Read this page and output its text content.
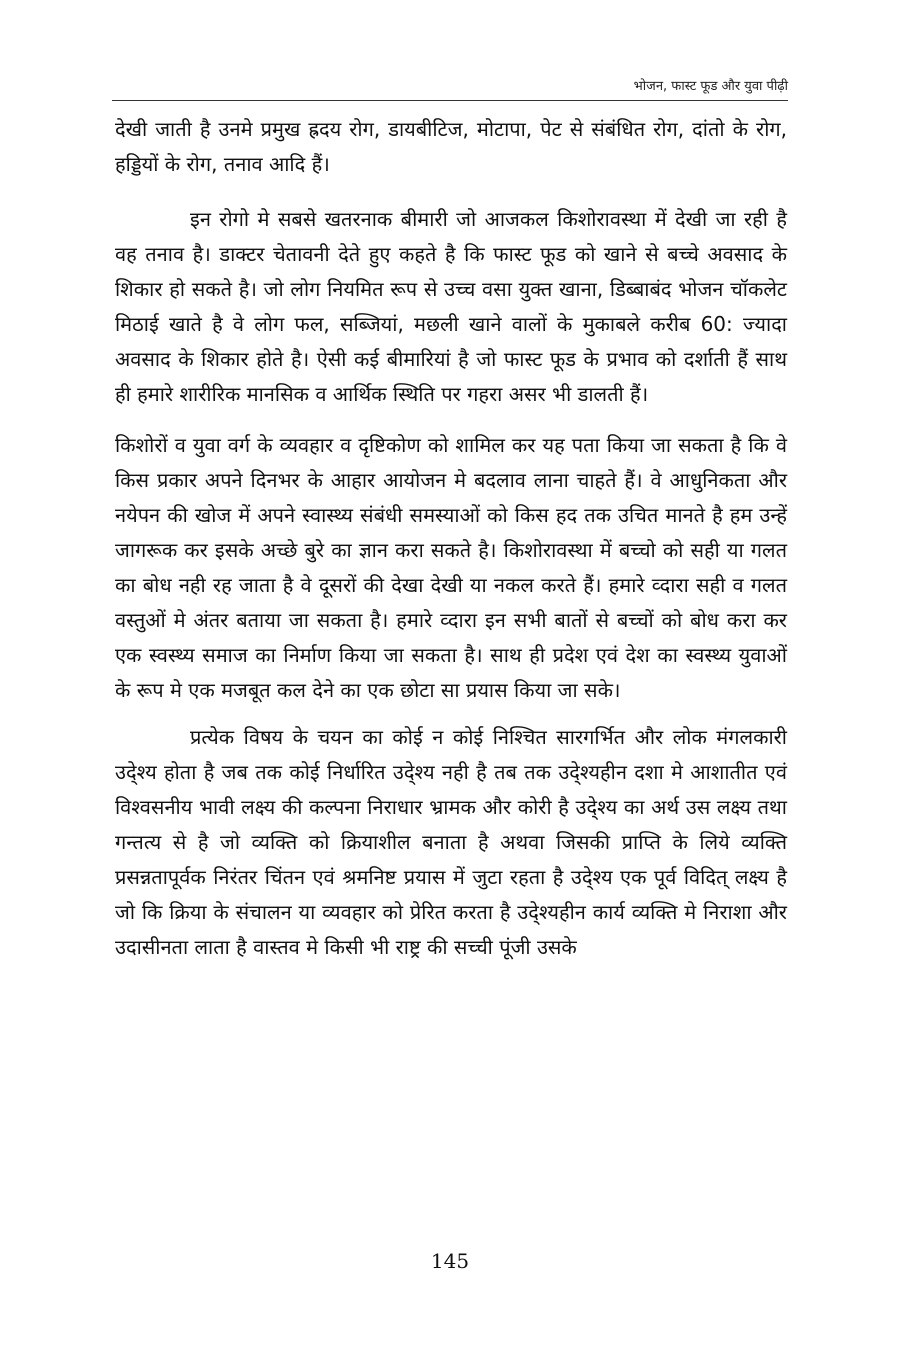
भोजन, फास्ट फूड और युवा पीढ़ी

देखी जाती है उनमे प्रमुख ह्रदय रोग, डायबीटिज, मोटापा, पेट से संबंधित रोग, दांतो के रोग, हड्डियों के रोग, तनाव आदि हैं।

इन रोगो मे सबसे खतरनाक बीमारी जो आजकल किशोरावस्था में देखी जा रही है वह तनाव है। डाक्टर चेतावनी देते हुए कहते है कि फास्ट फूड को खाने से बच्चे अवसाद के शिकार हो सकते है। जो लोग नियमित रूप से उच्च वसा युक्त खाना, डिब्बाबंद भोजन चॉकलेट मिठाई खाते है वे लोग फल, सब्जियां, मछली खाने वालों के मुकाबले करीब 60: ज्यादा अवसाद के शिकार होते है। ऐसी कई बीमारियां है जो फास्ट फूड के प्रभाव को दर्शाती हैं साथ ही हमारे शारीरिक मानसिक व आर्थिक स्थिति पर गहरा असर भी डालती हैं।

किशोरों व युवा वर्ग के व्यवहार व दृष्टिकोण को शामिल कर यह पता किया जा सकता है कि वे किस प्रकार अपने दिनभर के आहार आयोजन मे बदलाव लाना चाहते हैं। वे आधुनिकता और नयेपन की खोज में अपने स्वास्थ्य संबंधी समस्याओं को किस हद तक उचित मानते है हम उन्हें जागरूक कर इसके अच्छे बुरे का ज्ञान करा सकते है। किशोरावस्था में बच्चो को सही या गलत का बोध नही रह जाता है वे दूसरों की देखा देखी या नकल करते हैं। हमारे व्दारा सही व गलत वस्तुओं मे अंतर बताया जा सकता है। हमारे व्दारा इन सभी बातों से बच्चों को बोध करा कर एक स्वस्थ्य समाज का निर्माण किया जा सकता है। साथ ही प्रदेश एवं देश का स्वस्थ्य युवाओं के रूप मे एक मजबूत कल देने का एक छोटा सा प्रयास किया जा सके।

प्रत्येक विषय के चयन का कोई न कोई निश्चित सारगर्भित और लोक मंगलकारी उदे्श्य होता है जब तक कोई निर्धारित उदे्श्य नही है तब तक उदे्श्यहीन दशा मे आशातीत एवं विश्वसनीय भावी लक्ष्य की कल्पना निराधार भ्रामक और कोरी है उदे्श्य का अर्थ उस लक्ष्य तथा गन्तत्य से है जो व्यक्ति को क्रियाशील बनाता है अथवा जिसकी प्राप्ति के लिये व्यक्ति प्रसन्नतापूर्वक निरंतर चिंतन एवं श्रमनिष्ट प्रयास में जुटा रहता है उदे्श्य एक पूर्व विदित् लक्ष्य है जो कि क्रिया के संचालन या व्यवहार को प्रेरित करता है उदे्श्यहीन कार्य व्यक्ति मे निराशा और उदासीनता लाता है वास्तव मे किसी भी राष्ट्र की सच्ची पूंजी उसके

145
